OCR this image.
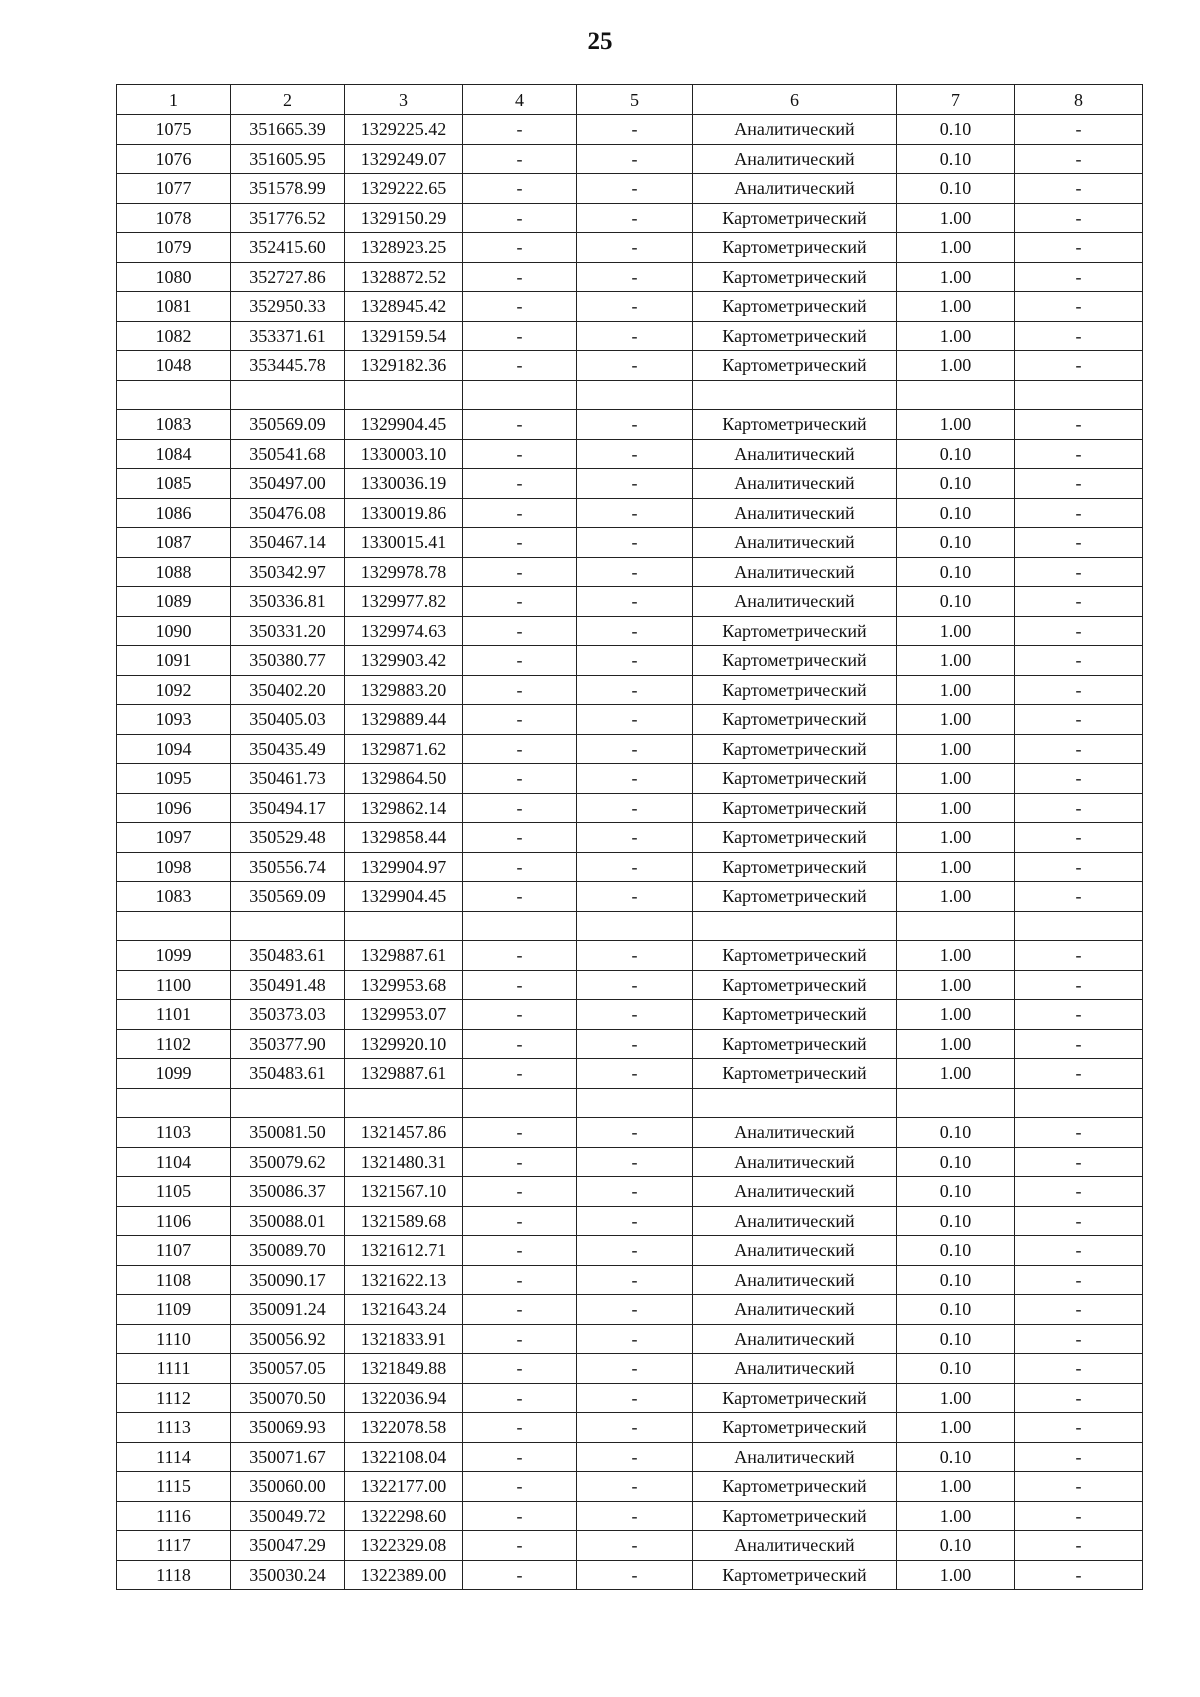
25
1	2	3	4	5	6	7	8
1075	351665.39	1329225.42	-	-	Аналитический	0.10	-
1076	351605.95	1329249.07	-	-	Аналитический	0.10	-
1077	351578.99	1329222.65	-	-	Аналитический	0.10	-
1078	351776.52	1329150.29	-	-	Картометрический	1.00	-
1079	352415.60	1328923.25	-	-	Картометрический	1.00	-
1080	352727.86	1328872.52	-	-	Картометрический	1.00	-
1081	352950.33	1328945.42	-	-	Картометрический	1.00	-
1082	353371.61	1329159.54	-	-	Картометрический	1.00	-
1048	353445.78	1329182.36	-	-	Картометрический	1.00	-

1083	350569.09	1329904.45	-	-	Картометрический	1.00	-
1084	350541.68	1330003.10	-	-	Аналитический	0.10	-
1085	350497.00	1330036.19	-	-	Аналитический	0.10	-
1086	350476.08	1330019.86	-	-	Аналитический	0.10	-
1087	350467.14	1330015.41	-	-	Аналитический	0.10	-
1088	350342.97	1329978.78	-	-	Аналитический	0.10	-
1089	350336.81	1329977.82	-	-	Аналитический	0.10	-
1090	350331.20	1329974.63	-	-	Картометрический	1.00	-
1091	350380.77	1329903.42	-	-	Картометрический	1.00	-
1092	350402.20	1329883.20	-	-	Картометрический	1.00	-
1093	350405.03	1329889.44	-	-	Картометрический	1.00	-
1094	350435.49	1329871.62	-	-	Картометрический	1.00	-
1095	350461.73	1329864.50	-	-	Картометрический	1.00	-
1096	350494.17	1329862.14	-	-	Картометрический	1.00	-
1097	350529.48	1329858.44	-	-	Картометрический	1.00	-
1098	350556.74	1329904.97	-	-	Картометрический	1.00	-
1083	350569.09	1329904.45	-	-	Картометрический	1.00	-

1099	350483.61	1329887.61	-	-	Картометрический	1.00	-
1100	350491.48	1329953.68	-	-	Картометрический	1.00	-
1101	350373.03	1329953.07	-	-	Картометрический	1.00	-
1102	350377.90	1329920.10	-	-	Картометрический	1.00	-
1099	350483.61	1329887.61	-	-	Картометрический	1.00	-

1103	350081.50	1321457.86	-	-	Аналитический	0.10	-
1104	350079.62	1321480.31	-	-	Аналитический	0.10	-
1105	350086.37	1321567.10	-	-	Аналитический	0.10	-
1106	350088.01	1321589.68	-	-	Аналитический	0.10	-
1107	350089.70	1321612.71	-	-	Аналитический	0.10	-
1108	350090.17	1321622.13	-	-	Аналитический	0.10	-
1109	350091.24	1321643.24	-	-	Аналитический	0.10	-
1110	350056.92	1321833.91	-	-	Аналитический	0.10	-
1111	350057.05	1321849.88	-	-	Аналитический	0.10	-
1112	350070.50	1322036.94	-	-	Картометрический	1.00	-
1113	350069.93	1322078.58	-	-	Картометрический	1.00	-
1114	350071.67	1322108.04	-	-	Аналитический	0.10	-
1115	350060.00	1322177.00	-	-	Картометрический	1.00	-
1116	350049.72	1322298.60	-	-	Картометрический	1.00	-
1117	350047.29	1322329.08	-	-	Аналитический	0.10	-
1118	350030.24	1322389.00	-	-	Картометрический	1.00	-
